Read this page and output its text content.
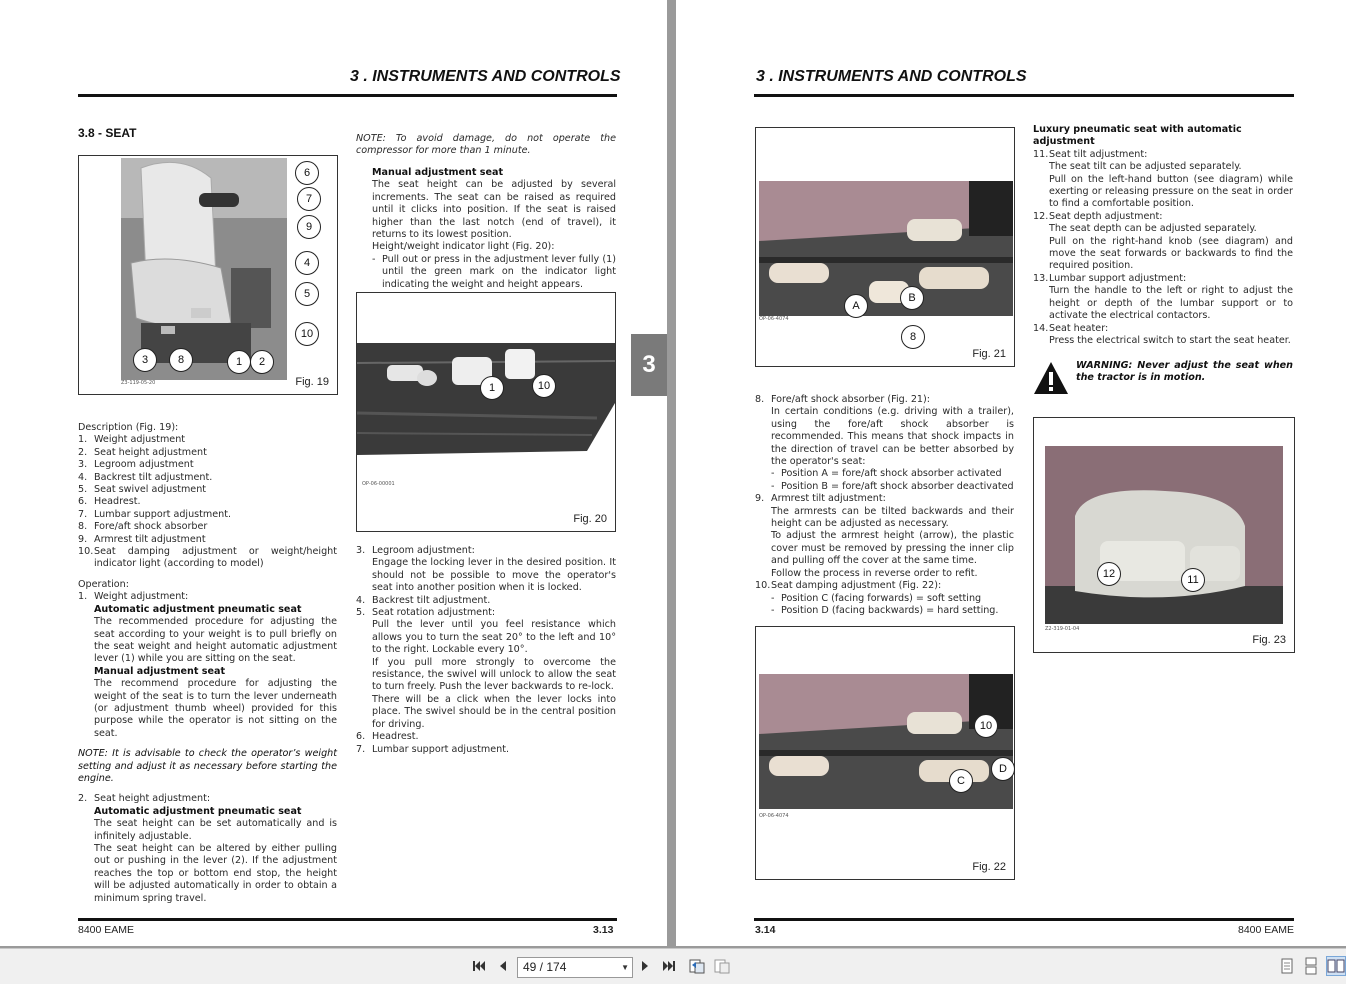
3 . INSTRUMENTS AND CONTROLS
3.8 - SEAT
Z3-119-05-20
6
7
9
4
5
10
3	8	1	2
Fig. 19

Description (Fig. 19):

1. Weight adjustment
2. Seat height adjustment
3. Legroom adjustment
4. Backrest tilt adjustment.
5. Seat swivel adjustment
6. Headrest.
7. Lumbar support adjustment.
8. Fore/aft shock absorber
9. Armrest tilt adjustment
10. Seat damping adjustment or weight/height indicator light (according to model)

Operation:

1. Weight adjustment:

Automatic adjustment pneumatic seat

The recommended procedure for adjusting the seat according to your weight is to pull briefly on the seat weight and height automatic adjustment lever (1) while you are sitting on the seat.

Manual adjustment seat

The recommend procedure for adjusting the weight of the seat is to turn the lever underneath (or adjustment thumb wheel) provided for this purpose while the operator is not sitting on the seat.

NOTE: It is advisable to check the operator’s weight setting and adjust it as necessary before starting the engine.

2. Seat height adjustment:

Automatic adjustment pneumatic seat

The seat height can be set automatically and is infinitely adjustable.

The seat height can be altered by either pulling out or pushing in the lever (2). If the adjustment reaches the top or bottom end stop, the height will be adjusted automatically in order to obtain a minimum spring travel.

NOTE: To avoid damage, do not operate the compressor for more than 1 minute.

Manual adjustment seat

The seat height can be adjusted by several increments. The seat can be raised as required until it clicks into position. If the seat is raised higher than the last notch (end of travel), it returns to its lowest position.

Height/weight indicator light (Fig. 20):

- Pull out or press in the adjustment lever fully (1) until the green mark on the indicator light indicating the weight and height appears.
OP-06-00001
1	10
Fig. 20
3. Legroom adjustment:

Engage the locking lever in the desired position. It should not be possible to move the operator's seat into another position when it is locked.

4. Backrest tilt adjustment.
5. Seat rotation adjustment:

Pull the lever until you feel resistance which allows you to turn the seat 20° to the left and 10° to the right. Lockable every 10°.

If you pull more strongly to overcome the resistance, the swivel will unlock to allow the seat to turn freely. Push the lever backwards to re-lock.

There will be a click when the lever locks into place. The swivel should be in the central position for driving.

6. Headrest.
7. Lumbar support adjustment.
8400 EAME	3.13
3
3 . INSTRUMENTS AND CONTROLS
OP-06-4074
A
B
8
Fig. 21
8. Fore/aft shock absorber (Fig. 21):

In certain conditions (e.g. driving with a trailer), using the fore/aft shock absorber is recommended. This means that shock impacts in the direction of travel can be better absorbed by the operator's seat:

- Position A = fore/aft shock absorber activated
- Position B = fore/aft shock absorber deactivated
9. Armrest tilt adjustment:

The armrests can be tilted backwards and their height can be adjusted as necessary.

To adjust the armrest height (arrow), the plastic cover must be removed by pressing the inner clip and pulling off the cover at the same time.

Follow the process in reverse order to refit.

10. Seat damping adjustment (Fig. 22):
- Position C (facing forwards) = soft setting
- Position D (facing backwards) = hard setting.
OP-06-4074
10
C
D
Fig. 22

Luxury pneumatic seat with automatic adjustment

11. Seat tilt adjustment:

The seat tilt can be adjusted separately.

Pull on the left-hand button (see diagram) while exerting or releasing pressure on the seat in order to find a comfortable position.

12. Seat depth adjustment:

The seat depth can be adjusted separately.

Pull on the right-hand knob (see diagram) and move the seat forwards or backwards to find the required position.

13. Lumbar support adjustment:

Turn the handle to the left or right to adjust the height or depth of the lumbar support or to activate the electrical contactors.

14. Seat heater:

Press the electrical switch to start the seat heater.

WARNING: Never adjust the seat when the tractor is in motion.
Z2-319-01-04
12	11
Fig. 23
3.14	8400 EAME
49 / 174	▼
